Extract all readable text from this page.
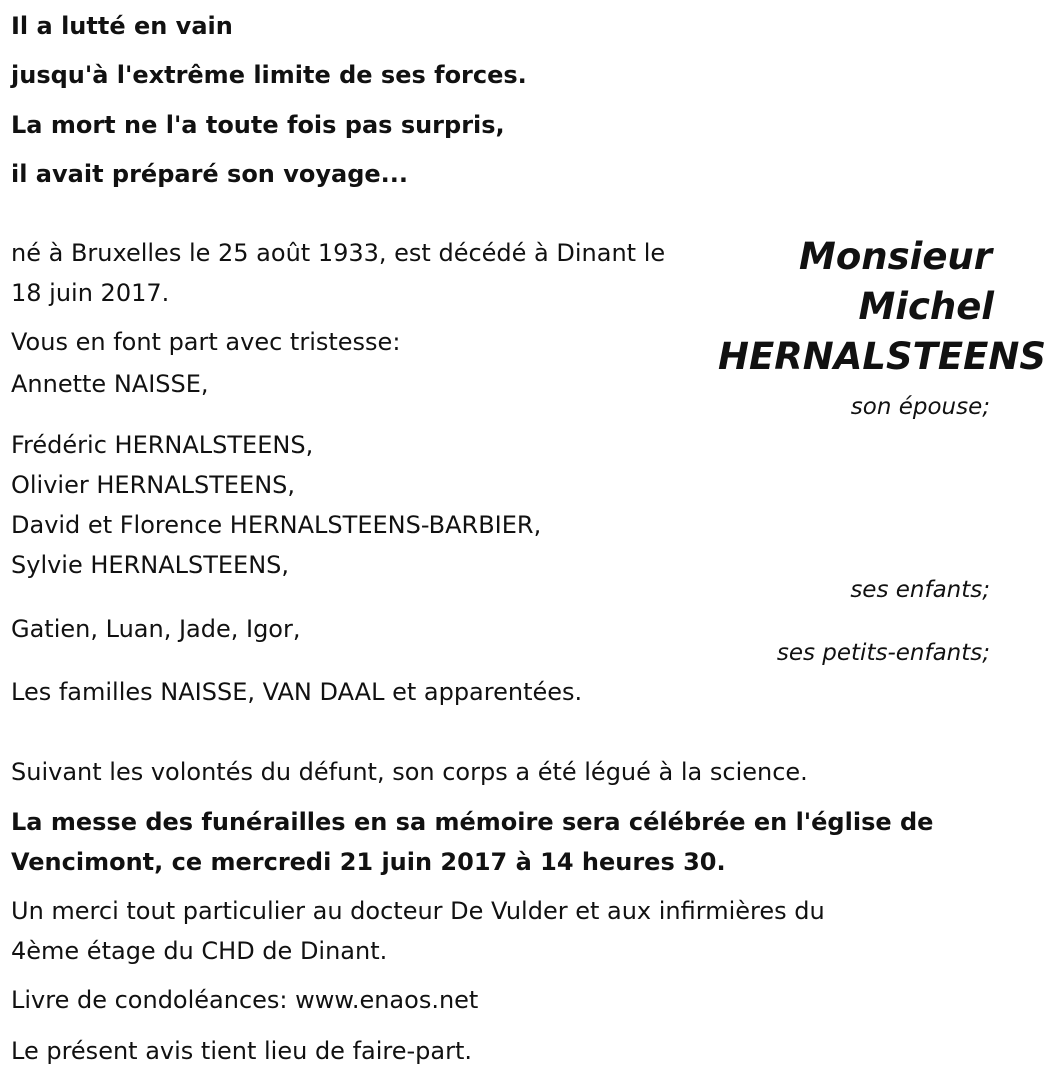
Il a lutté en vain
jusqu'à l'extrême limite de ses forces.
La mort ne l'a toute fois pas surpris,
il avait préparé son voyage...
Monsieur
Michel
HERNALSTEENS
né à Bruxelles le 25 août 1933, est décédé à Dinant le
18 juin 2017.
Vous en font part avec tristesse:
Annette NAISSE,
son épouse;
Frédéric HERNALSTEENS,
Olivier HERNALSTEENS,
David et Florence HERNALSTEENS-BARBIER,
Sylvie HERNALSTEENS,
ses enfants;
Gatien, Luan, Jade, Igor,
ses petits-enfants;
Les familles NAISSE, VAN DAAL et apparentées.
Suivant les volontés du défunt, son corps a été légué à la science.
La messe des funérailles en sa mémoire sera célébrée en l'église de
Vencimont, ce mercredi 21 juin 2017 à 14 heures 30.
Un merci tout particulier au docteur De Vulder et aux infirmières du
4ème étage du CHD de Dinant.
Livre de condoléances: www.enaos.net
Le présent avis tient lieu de faire-part.
